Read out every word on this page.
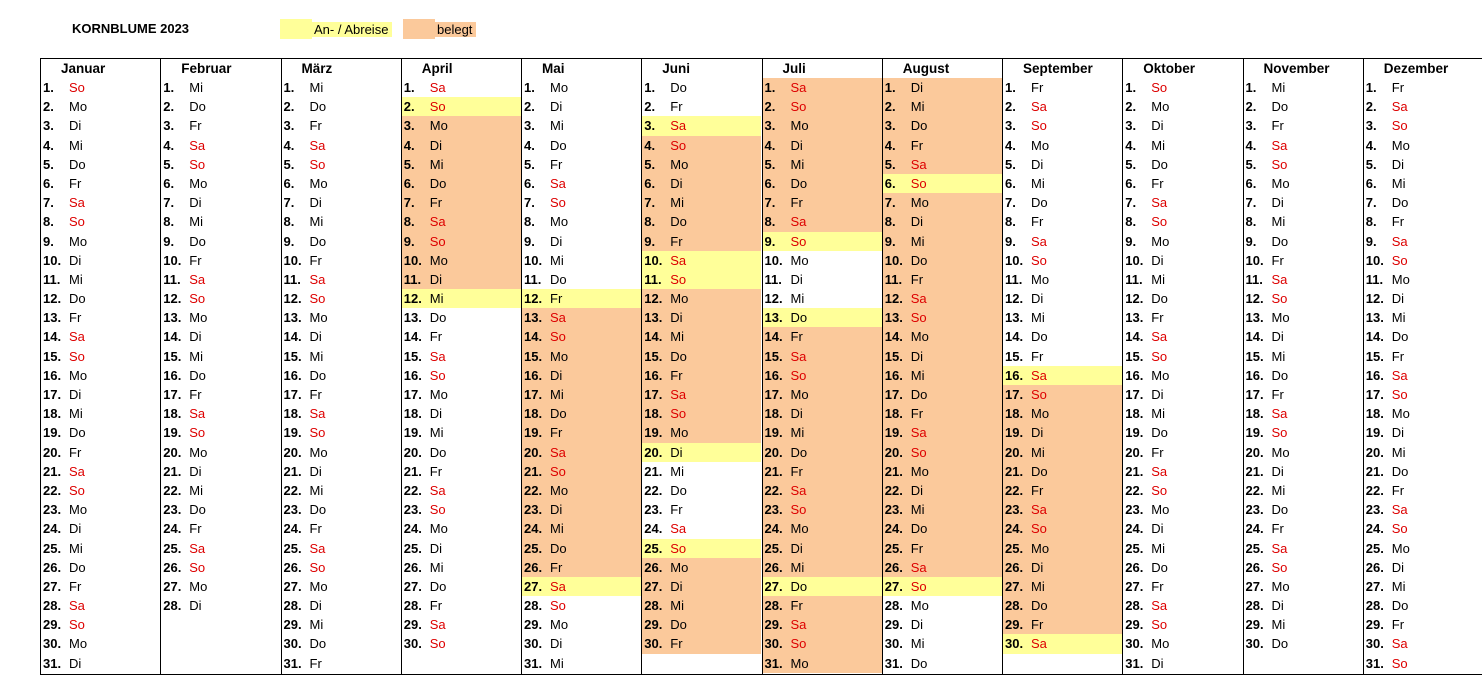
KORNBLUME 2023	An- / Abreise	belegt
Januar
1.	So
2.	Mo
3.	Di
4.	Mi
5.	Do
6.	Fr
7.	Sa
8.	So
9.	Mo
10. Di
11. Mi
12. Do
13. Fr
14. Sa
15. So
16. Mo
17. Di
18. Mi
19. Do
20. Fr
21. Sa
22. So
23. Mo
24. Di
25. Mi
26. Do
27. Fr
28. Sa
29. So
30. Mo
31. Di
Februar
1.	Mi
2.	Do
3.	Fr
4.	Sa
5.	So
6.	Mo
7.	Di
8.	Mi
9.	Do
10. Fr
11. Sa
12. So
13. Mo
14. Di
15. Mi
16. Do
17. Fr
18. Sa
19. So
20. Mo
21. Di
22. Mi
23. Do
24. Fr
25. Sa
26. So
27. Mo
28. Di
März
1.	Mi
2.	Do
3.	Fr
4.	Sa
5.	So
6.	Mo
7.	Di
8.	Mi
9.	Do
10. Fr
11. Sa
12. So
13. Mo
14. Di
15. Mi
16. Do
17. Fr
18. Sa
19. So
20. Mo
21. Di
22. Mi
23. Do
24. Fr
25. Sa
26. So
27. Mo
28. Di
29. Mi
30. Do
31. Fr
April
1.	Sa
2.	So
3.	Mo
4.	Di
5.	Mi
6.	Do
7.	Fr
8.	Sa
9.	So
10. Mo
11. Di
12. Mi
13. Do
14. Fr
15. Sa
16. So
17. Mo
18. Di
19. Mi
20. Do
21. Fr
22. Sa
23. So
24. Mo
25. Di
26. Mi
27. Do
28. Fr
29. Sa
30. So
Mai
1.	Mo
2.	Di
3.	Mi
4.	Do
5.	Fr
6.	Sa
7.	So
8.	Mo
9.	Di
10. Mi
11. Do
12. Fr
13. Sa
14. So
15. Mo
16. Di
17. Mi
18. Do
19. Fr
20. Sa
21. So
22. Mo
23. Di
24. Mi
25. Do
26. Fr
27. Sa
28. So
29. Mo
30. Di
31. Mi
Juni
1.	Do
2.	Fr
3.	Sa
4.	So
5.	Mo
6.	Di
7.	Mi
8.	Do
9.	Fr
10. Sa
11. So
12. Mo
13. Di
14. Mi
15. Do
16. Fr
17. Sa
18. So
19. Mo
20. Di
21. Mi
22. Do
23. Fr
24. Sa
25. So
26. Mo
27. Di
28. Mi
29. Do
30. Fr
Juli
1.	Sa
2.	So
3.	Mo
4.	Di
5.	Mi
6.	Do
7.	Fr
8.	Sa
9.	So
10. Mo
11. Di
12. Mi
13. Do
14. Fr
15. Sa
16. So
17. Mo
18. Di
19. Mi
20. Do
21. Fr
22. Sa
23. So
24. Mo
25. Di
26. Mi
27. Do
28. Fr
29. Sa
30. So
31. Mo
August
1.	Di
2.	Mi
3.	Do
4.	Fr
5.	Sa
6.	So
7.	Mo
8.	Di
9.	Mi
10. Do
11. Fr
12. Sa
13. So
14. Mo
15. Di
16. Mi
17. Do
18. Fr
19. Sa
20. So
21. Mo
22. Di
23. Mi
24. Do
25. Fr
26. Sa
27. So
28. Mo
29. Di
30. Mi
31. Do
September
1.	Fr
2.	Sa
3.	So
4.	Mo
5.	Di
6.	Mi
7.	Do
8.	Fr
9.	Sa
10. So
11. Mo
12. Di
13. Mi
14. Do
15. Fr
16. Sa
17. So
18. Mo
19. Di
20. Mi
21. Do
22. Fr
23. Sa
24. So
25. Mo
26. Di
27. Mi
28. Do
29. Fr
30. Sa
Oktober
1.	So
2.	Mo
3.	Di
4.	Mi
5.	Do
6.	Fr
7.	Sa
8.	So
9.	Mo
10. Di
11. Mi
12. Do
13. Fr
14. Sa
15. So
16. Mo
17. Di
18. Mi
19. Do
20. Fr
21. Sa
22. So
23. Mo
24. Di
25. Mi
26. Do
27. Fr
28. Sa
29. So
30. Mo
31. Di
November
1.	Mi
2.	Do
3.	Fr
4.	Sa
5.	So
6.	Mo
7.	Di
8.	Mi
9.	Do
10. Fr
11. Sa
12. So
13. Mo
14. Di
15. Mi
16. Do
17. Fr
18. Sa
19. So
20. Mo
21. Di
22. Mi
23. Do
24. Fr
25. Sa
26. So
27. Mo
28. Di
29. Mi
30. Do
Dezember
1.	Fr
2.	Sa
3.	So
4.	Mo
5.	Di
6.	Mi
7.	Do
8.	Fr
9.	Sa
10. So
11. Mo
12. Di
13. Mi
14. Do
15. Fr
16. Sa
17. So
18. Mo
19. Di
20. Mi
21. Do
22. Fr
23. Sa
24. So
25. Mo
26. Di
27. Mi
28. Do
29. Fr
30. Sa
31. So
